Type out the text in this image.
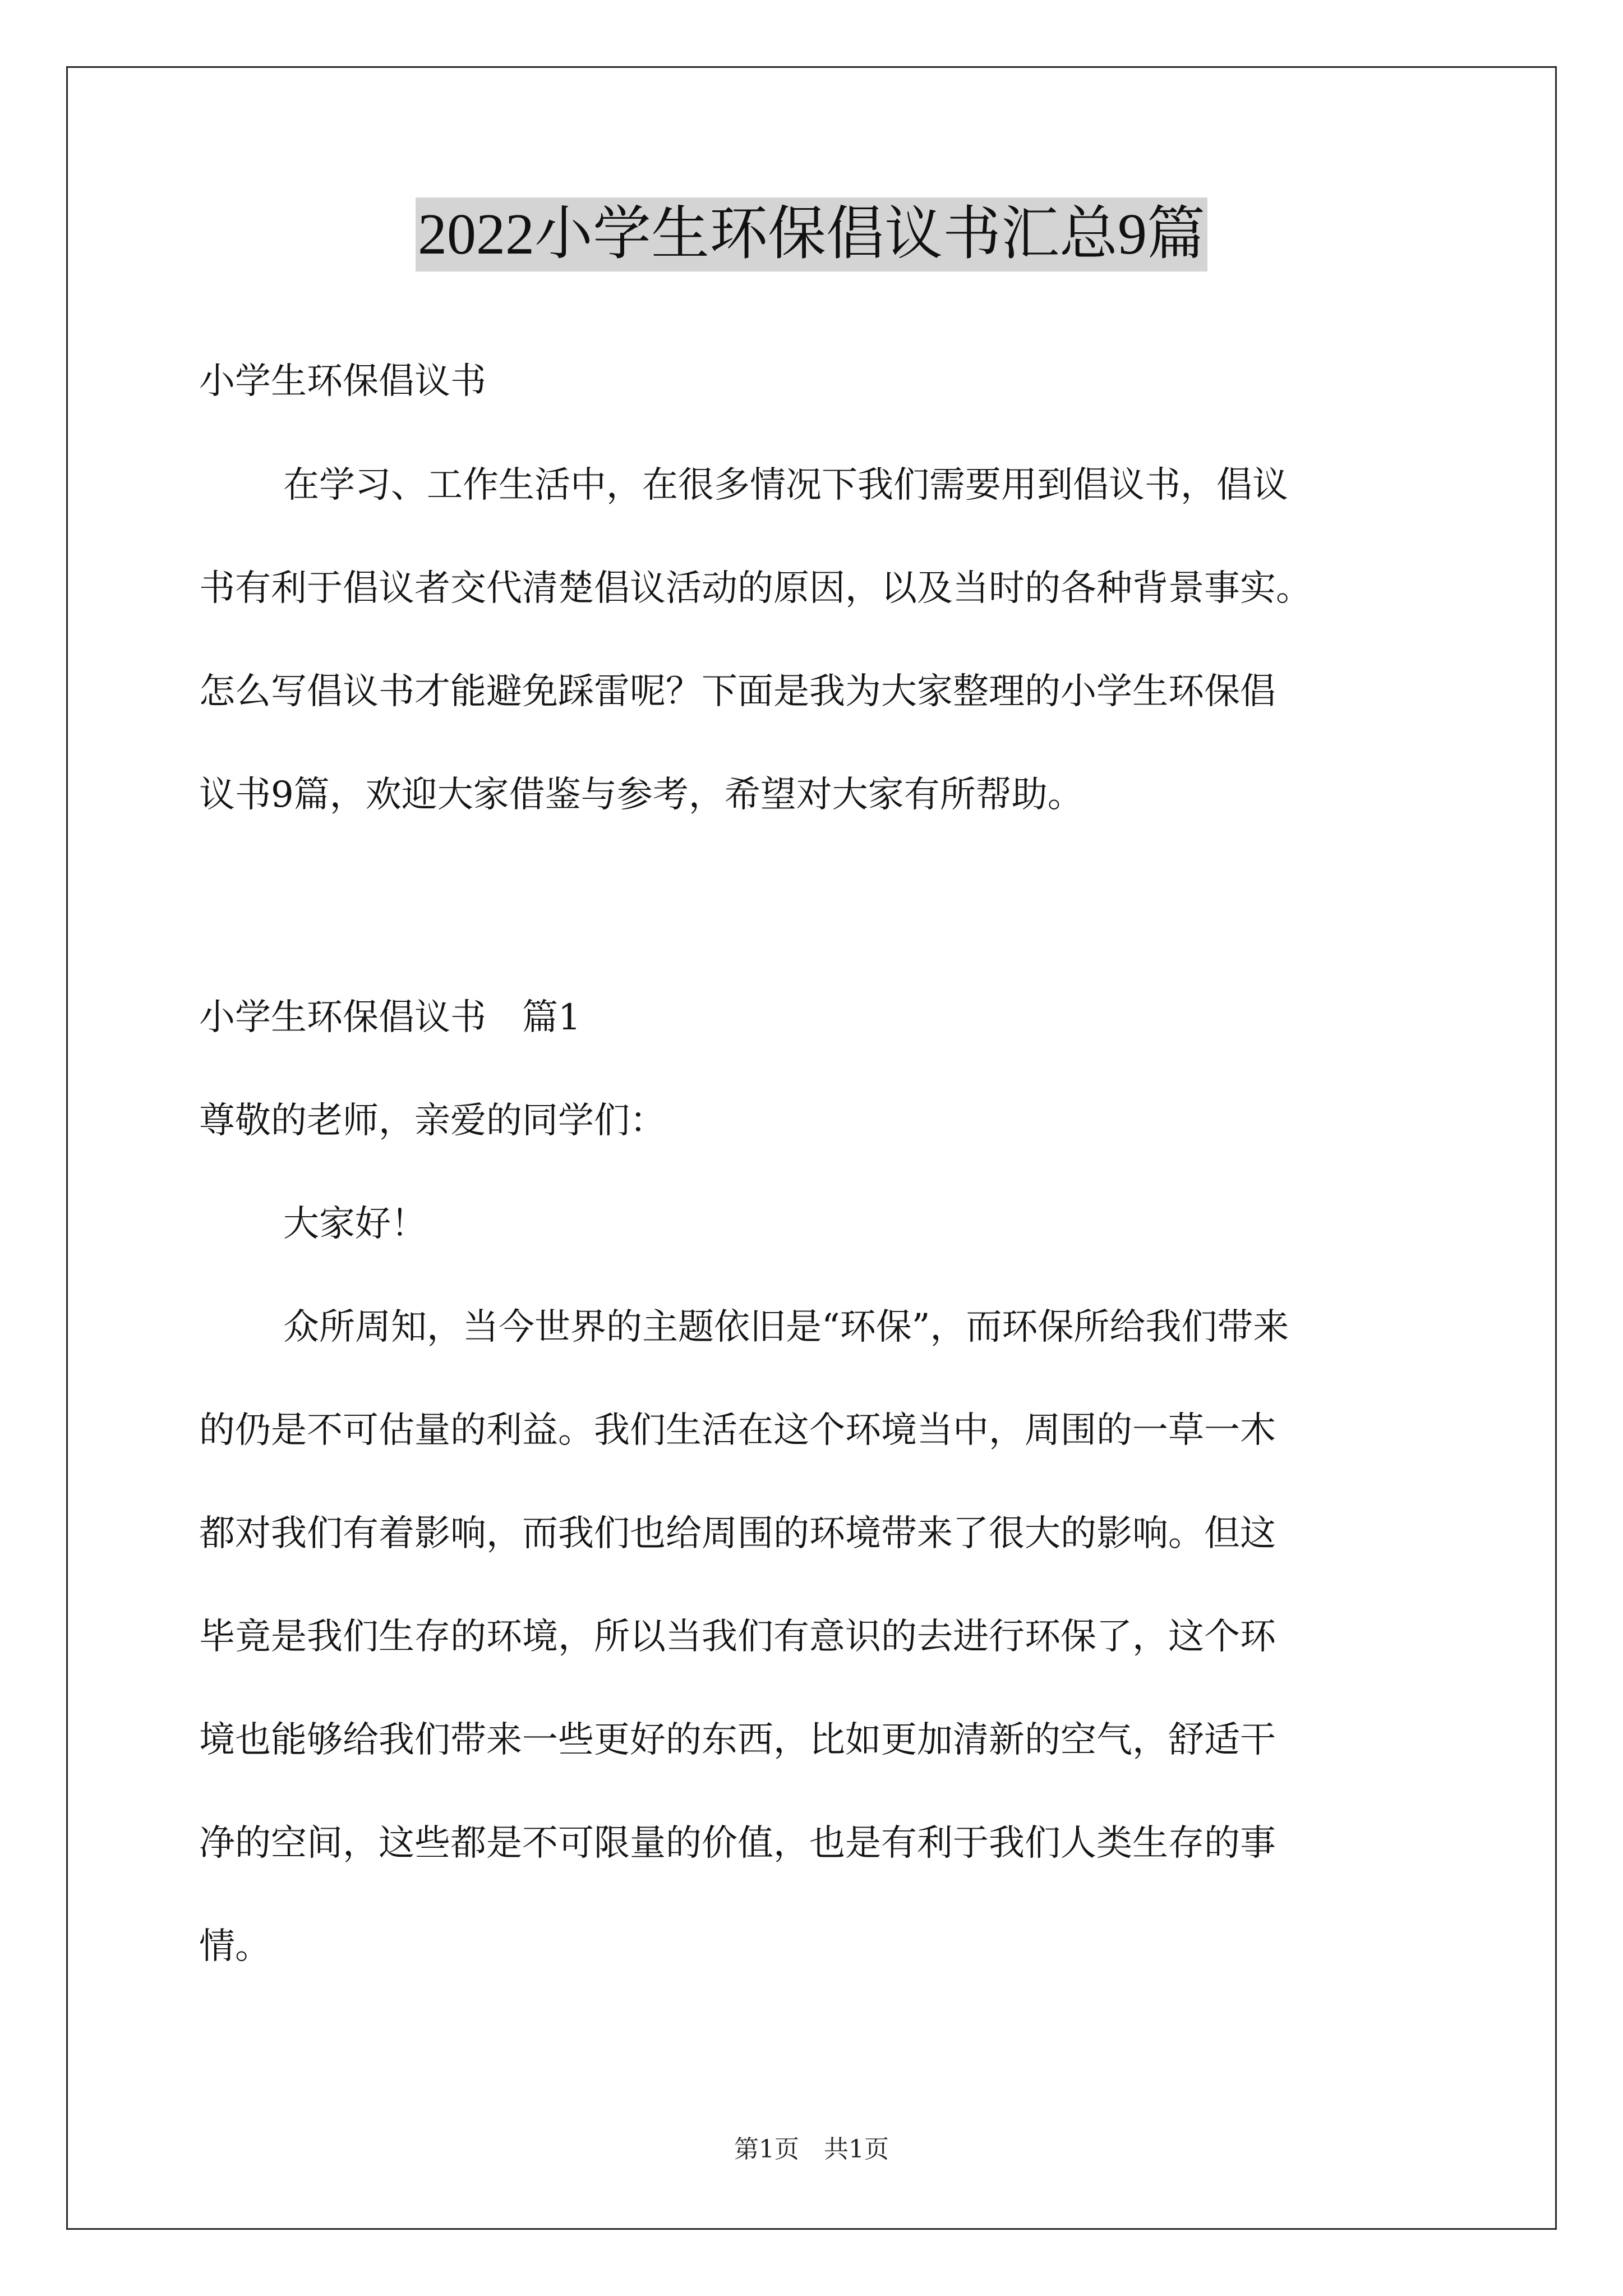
2022小学生环保倡议书汇总9篇

小学生环保倡议书

在学习、工作生活中，在很多情况下我们需要用到倡议书，倡议

书有利于倡议者交代清楚倡议活动的原因，以及当时的各种背景事实。

怎么写倡议书才能避免踩雷呢？下面是我为大家整理的小学生环保倡

议书9篇，欢迎大家借鉴与参考，希望对大家有所帮助。

小学生环保倡议书　篇1

尊敬的老师，亲爱的同学们：

大家好！

众所周知，当今世界的主题依旧是“环保”，而环保所给我们带来

的仍是不可估量的利益。我们生活在这个环境当中，周围的一草一木

都对我们有着影响，而我们也给周围的环境带来了很大的影响。但这

毕竟是我们生存的环境，所以当我们有意识的去进行环保了，这个环

境也能够给我们带来一些更好的东西，比如更加清新的空气，舒适干

净的空间，这些都是不可限量的价值，也是有利于我们人类生存的事

情。

第1页　共1页
